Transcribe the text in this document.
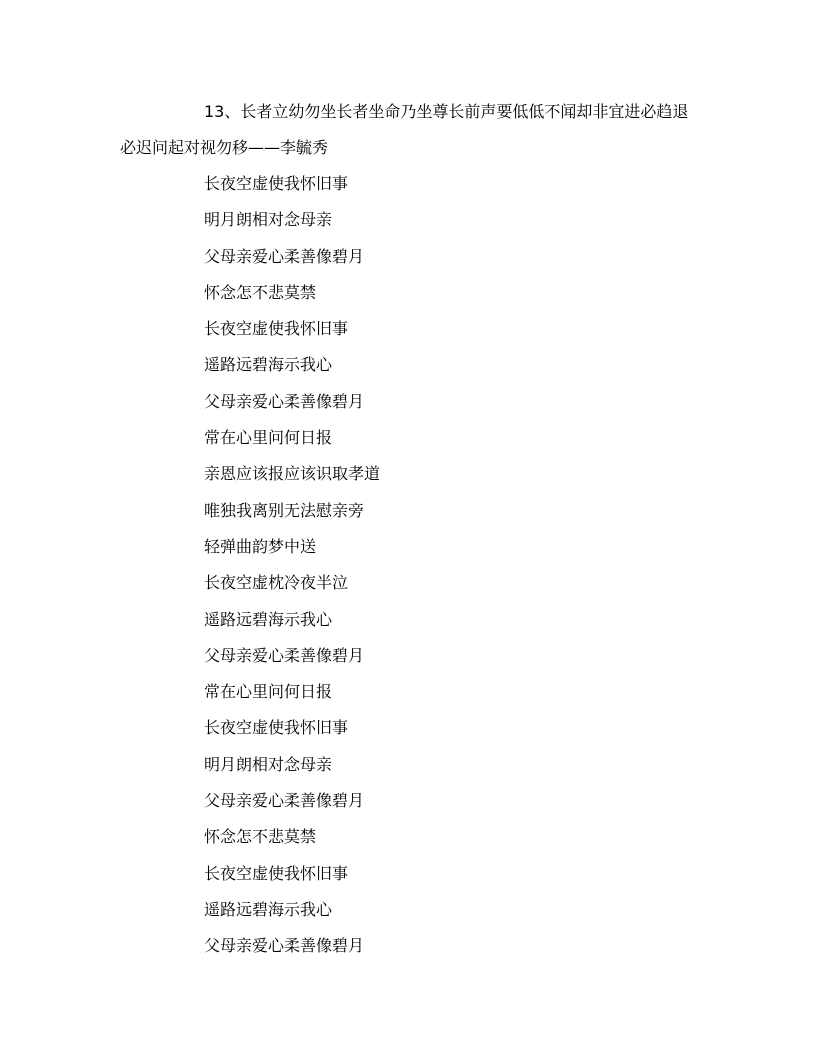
13、长者立幼勿坐长者坐命乃坐尊长前声要低低不闻却非宜进必趋退必迟问起对视勿移——李毓秀

长夜空虚使我怀旧事
明月朗相对念母亲
父母亲爱心柔善像碧月
怀念怎不悲莫禁
长夜空虚使我怀旧事
遥路远碧海示我心
父母亲爱心柔善像碧月
常在心里问何日报
亲恩应该报应该识取孝道
唯独我离别无法慰亲旁
轻弹曲韵梦中送
长夜空虚枕冷夜半泣
遥路远碧海示我心
父母亲爱心柔善像碧月
常在心里问何日报
长夜空虚使我怀旧事
明月朗相对念母亲
父母亲爱心柔善像碧月
怀念怎不悲莫禁
长夜空虚使我怀旧事
遥路远碧海示我心
父母亲爱心柔善像碧月
